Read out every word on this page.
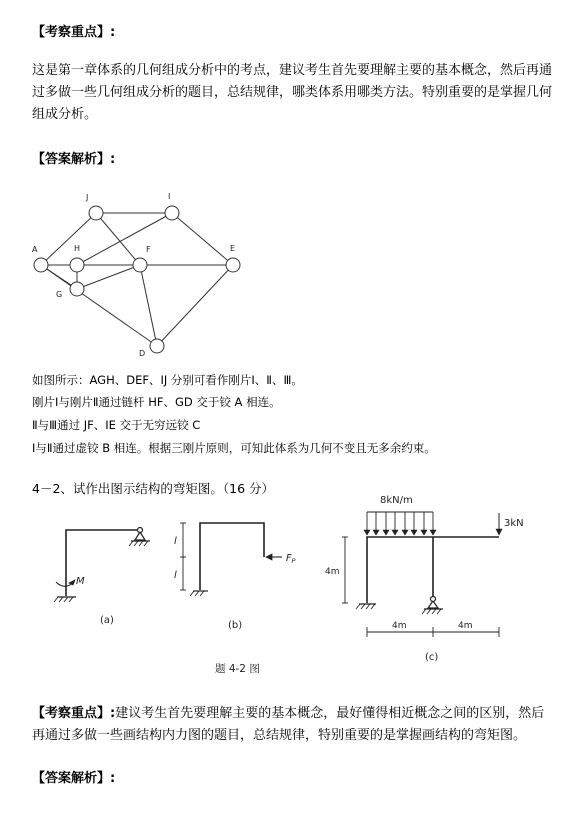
【考察重点】:
这是第一章体系的几何组成分析中的考点，建议考生首先要理解主要的基本概念，然后再通
过多做一些几何组成分析的题目，总结规律，哪类体系用哪类方法。特别重要的是掌握几何
组成分析。
【答案解析】:
A
J	I
H	F	E
G
D
如图所示：AGH、DEF、IJ 分别可看作刚片Ⅰ、Ⅱ、Ⅲ。
刚片Ⅰ与刚片Ⅱ通过链杆 HF、GD 交于铰 A 相连。
Ⅱ与Ⅲ通过 JF、IE 交于无穷远铰 C
Ⅰ与Ⅱ通过虚铰 B 相连。根据三刚片原则，可知此体系为几何不变且无多余约束。
4－2、试作出图示结构的弯矩图。（16 分）
M
(a)
l
l
$F_P$
(b)
8kN/m
3kN
4m
4m	4m
(c)
题 4-2 图
【考察重点】:建议考生首先要理解主要的基本概念，最好懂得相近概念之间的区别，然后
再通过多做一些画结构内力图的题目，总结规律，特别重要的是掌握画结构的弯矩图。
【答案解析】:
